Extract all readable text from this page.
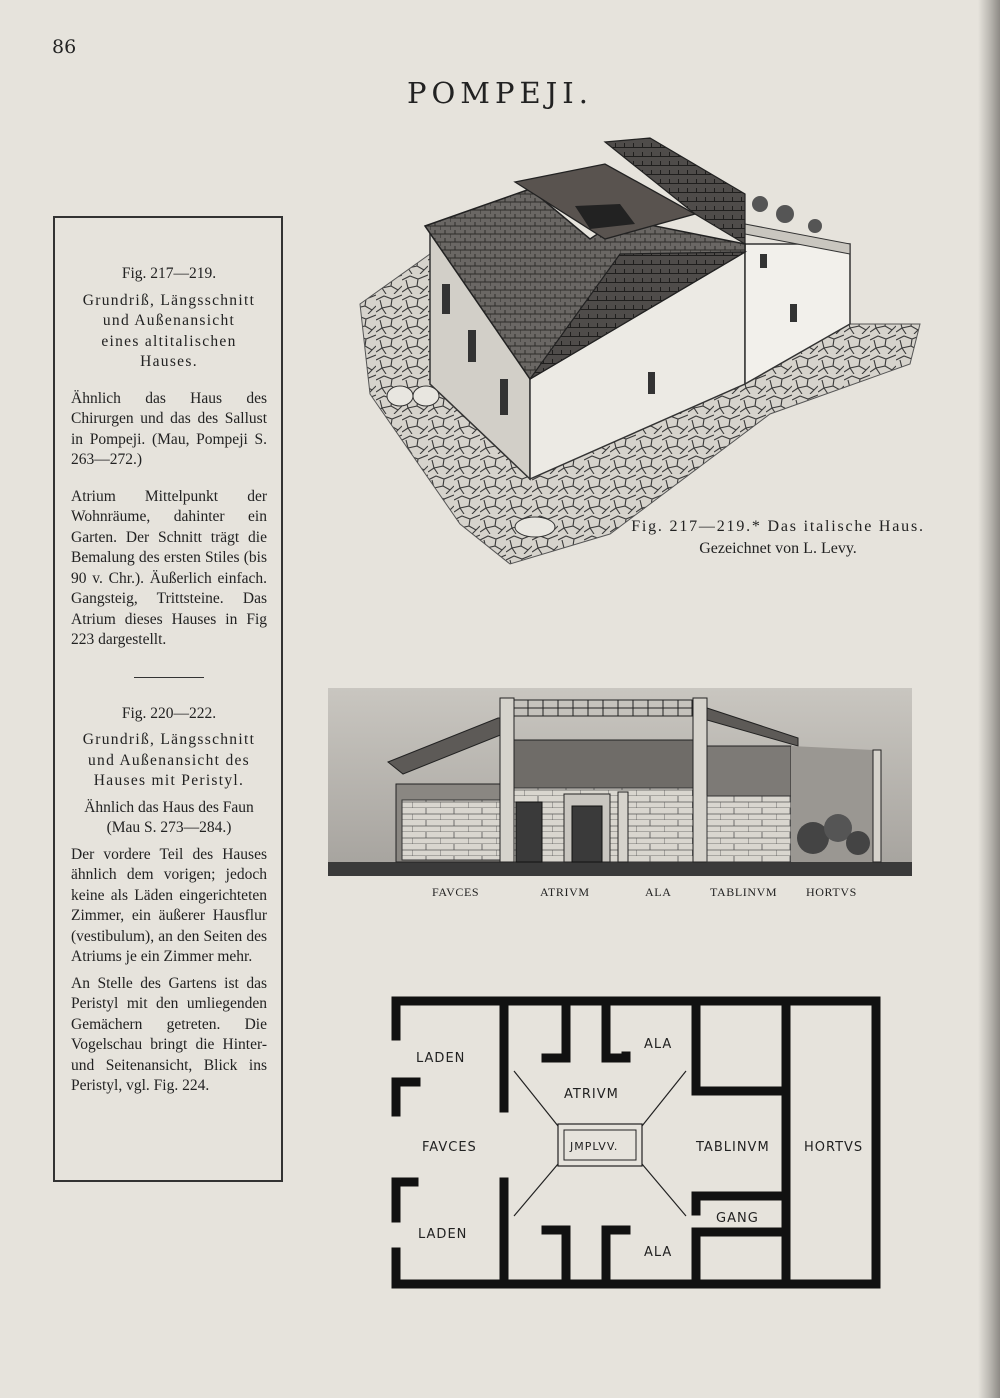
86
POMPEJI.

Fig. 217—219.

Grundriß, Längsschnitt
und Außenansicht
eines altitalischen
Hauses.

Ähnlich das Haus des Chirurgen und das des Sallust in Pompeji. (Mau, Pompeji S. 263—272.)

Atrium Mittelpunkt der Wohnräume, dahinter ein Garten. Der Schnitt trägt die Bemalung des ersten Stiles (bis 90 v. Chr.). Äußerlich einfach. Gangsteig, Trittsteine. Das Atrium dieses Hauses in Fig 223 dargestellt.

Fig. 220—222.

Grundriß, Längsschnitt
und Außenansicht des
Hauses mit Peristyl.

Ähnlich das Haus des Faun (Mau S. 273—284.)

Der vordere Teil des Hauses ähnlich dem vorigen; jedoch keine als Läden eingerichteten Zimmer, ein äußerer Hausflur (vestibulum), an den Seiten des Atriums je ein Zimmer mehr.

An Stelle des Gartens ist das Peristyl mit den umliegenden Gemächern getreten. Die Vogelschau bringt die Hinter- und Seitenansicht, Blick ins Peristyl, vgl. Fig. 224.

Fig. 217—219.* Das italische Haus.
Gezeichnet von L. Levy.
FAVCES	ATRIVM	ALA	TABLINVM HORTVS
LADEN
ALA
ATRIVM
FAVCES	JMPLVV.	TABLINVM	HORTVS
GANG
LADEN
ALA
